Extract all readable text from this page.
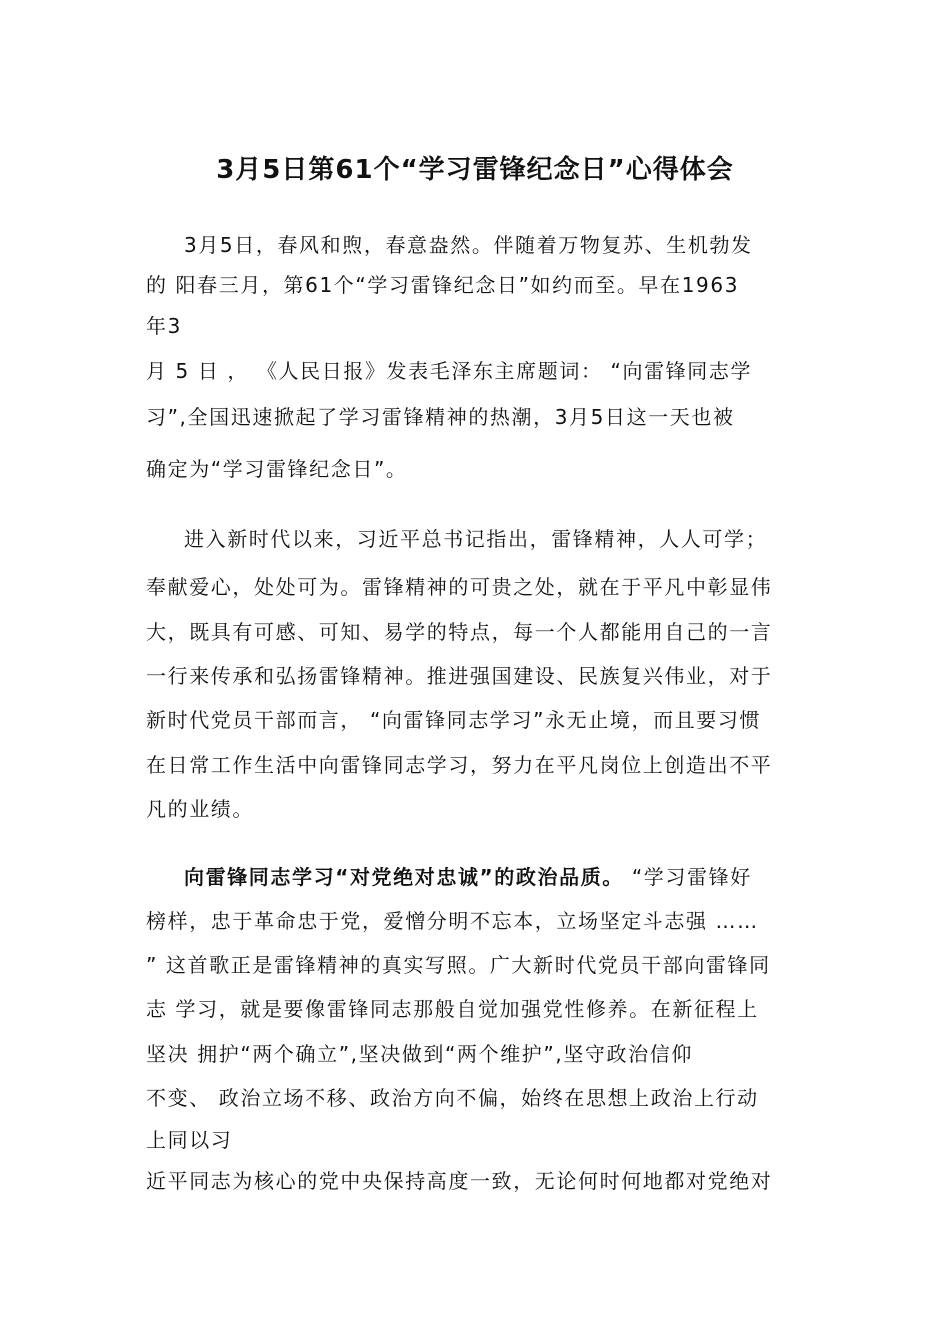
3月5日第61个“学习雷锋纪念日”心得体会
3月5日，春风和煦，春意盎然。伴随着万物复苏、生机勃发
的 阳春三月，第61个“学习雷锋纪念日”如约而至。早在1963
年3
月 5 日 ， 《人民日报》发表毛泽东主席题词： “向雷锋同志学
习”,全国迅速掀起了学习雷锋精神的热潮，3月5日这一天也被
确定为“学习雷锋纪念日”。
进入新时代以来，习近平总书记指出，雷锋精神，人人可学；
奉献爱心，处处可为。雷锋精神的可贵之处，就在于平凡中彰显伟
大，既具有可感、可知、易学的特点，每一个人都能用自己的一言
一行来传承和弘扬雷锋精神。推进强国建设、民族复兴伟业，对于
新时代党员干部而言， “向雷锋同志学习”永无止境，而且要习惯
在日常工作生活中向雷锋同志学习，努力在平凡岗位上创造出不平
凡的业绩。
向雷锋同志学习“对党绝对忠诚”的政治品质。 “学习雷锋好
榜样，忠于革命忠于党，爱憎分明不忘本，立场坚定斗志强 ……
” 这首歌正是雷锋精神的真实写照。广大新时代党员干部向雷锋同
志 学习，就是要像雷锋同志那般自觉加强党性修养。在新征程上
坚决 拥护“两个确立”,坚决做到“两个维护”,坚守政治信仰
不变、 政治立场不移、政治方向不偏，始终在思想上政治上行动
上同以习
近平同志为核心的党中央保持高度一致，无论何时何地都对党绝对
